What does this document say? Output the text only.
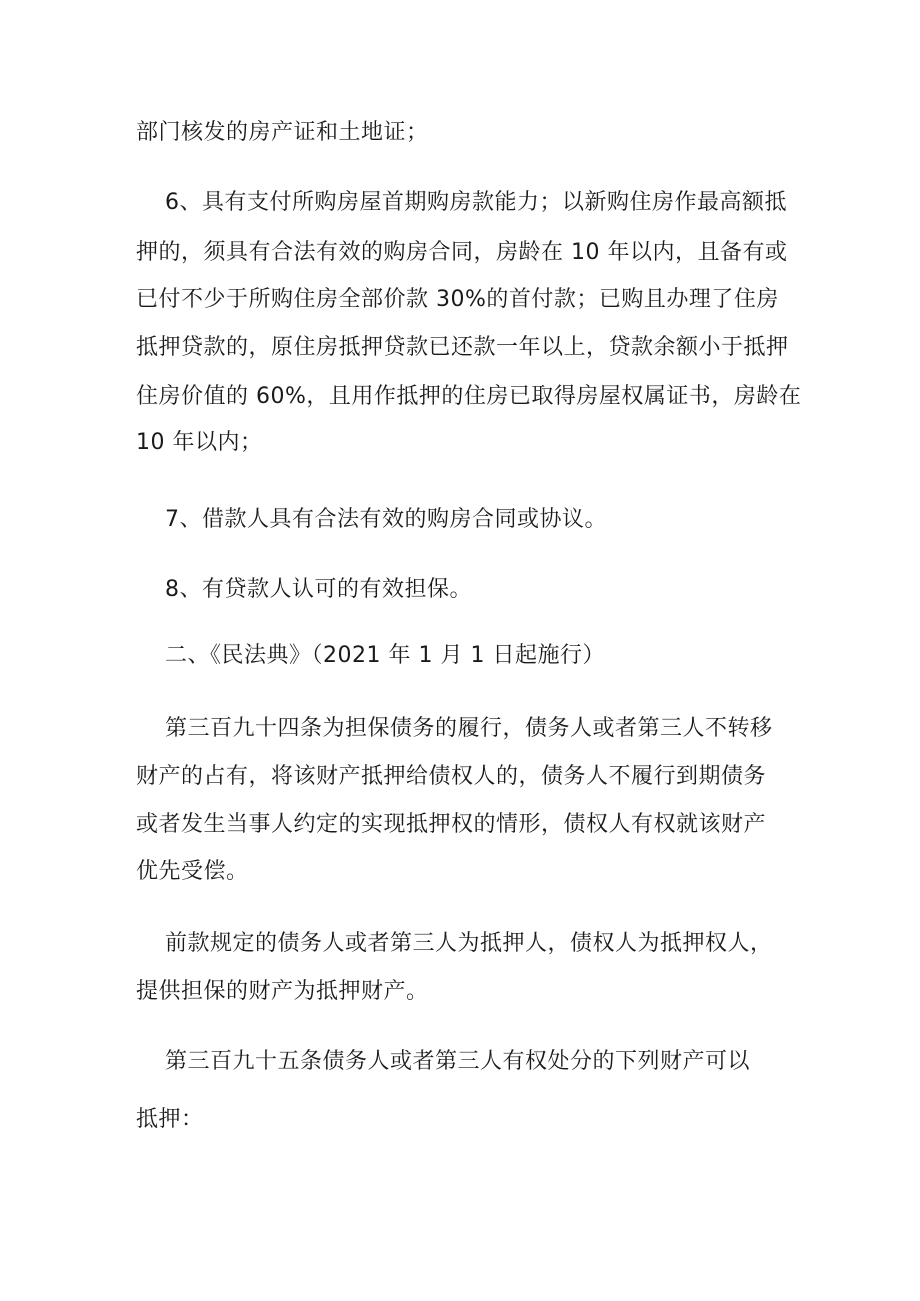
部门核发的房产证和土地证；
6、具有支付所购房屋首期购房款能力；以新购住房作最高额抵
押的，须具有合法有效的购房合同，房龄在 10 年以内，且备有或
已付不少于所购住房全部价款 30%的首付款；已购且办理了住房
抵押贷款的，原住房抵押贷款已还款一年以上，贷款余额小于抵押
住房价值的 60%，且用作抵押的住房已取得房屋权属证书，房龄在
10 年以内；
7、借款人具有合法有效的购房合同或协议。
8、有贷款人认可的有效担保。
二、《民法典》（2021 年 1 月 1 日起施行）
第三百九十四条为担保债务的履行，债务人或者第三人不转移
财产的占有，将该财产抵押给债权人的，债务人不履行到期债务
或者发生当事人约定的实现抵押权的情形，债权人有权就该财产
优先受偿。
前款规定的债务人或者第三人为抵押人，债权人为抵押权人，
提供担保的财产为抵押财产。
第三百九十五条债务人或者第三人有权处分的下列财产可以
抵押：
